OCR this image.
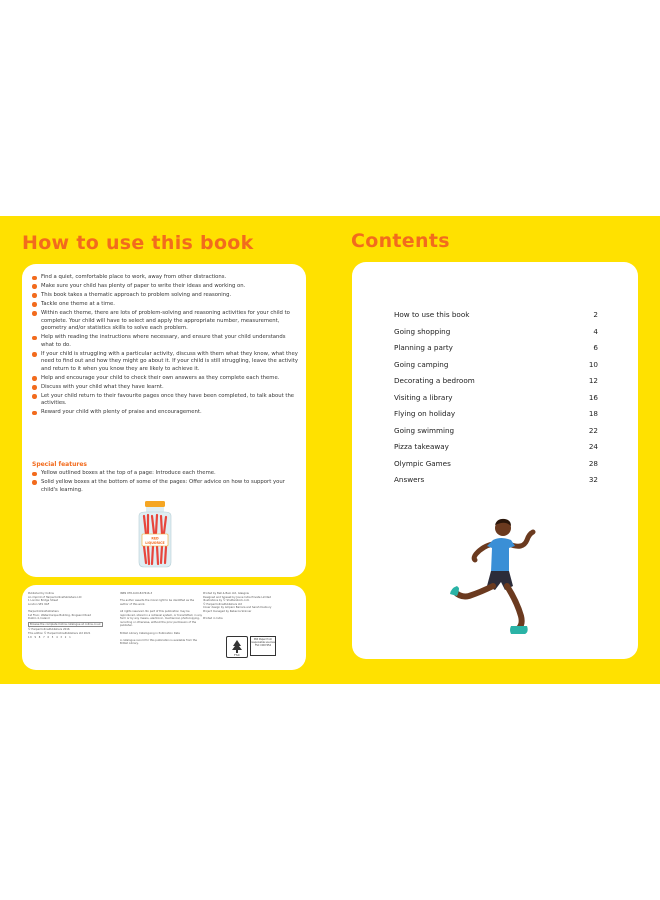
How to use this book
Find a quiet, comfortable place to work, away from other distractions.
Make sure your child has plenty of paper to write their ideas and working on.
This book takes a thematic approach to problem solving and reasoning.
Tackle one theme at a time.
Within each theme, there are lots of problem-solving and reasoning activities for your child to complete. Your child will have to select and apply the appropriate number, measurement, geometry and/or statistics skills to solve each problem.
Help with reading the instructions where necessary, and ensure that your child understands what to do.
If your child is struggling with a particular activity, discuss with them what they know, what they need to find out and how they might go about it. If your child is still struggling, leave the activity and return to it when you know they are likely to achieve it.
Help and encourage your child to check their own answers as they complete each theme.
Discuss with your child what they have learnt.
Let your child return to their favourite pages once they have been completed, to talk about the activities.
Reward your child with plenty of praise and encouragement.
Special features
Yellow outlined boxes at the top of a page: Introduce each theme.
Solid yellow boxes at the bottom of some of the pages: Offer advice on how to support your child's learning.
RED
LIQUORICE
Published by Collins
An imprint of HarperCollinsPublishers Ltd
1 London Bridge Street
London SE1 9GF

HarperCollinsPublishers
1st Floor, Watermarque Building, Ringsend Road
Dublin 4, Ireland
Browse the complete Collins catalogue at collins.co.uk
© HarperCollinsPublishers 2016
This edition © HarperCollinsPublishers Ltd 2021
10 9 8 7 6 5 4 3 2 1
ISBN 978-0-00-827616-3

The author asserts the moral right to be identified as the
author of this work.

All rights reserved. No part of this publication may be
reproduced, stored in a retrieval system, or transmitted, in any
form or by any means, electronic, mechanical, photocopying,
recording or otherwise, without the prior permission of the
publisher.

British Library Cataloguing in Publication Data

A catalogue record for this publication is available from the
British Library.
Printed by Bell & Bain Ltd, Glasgow
Designed and typeset by Jouve India Private Limited
Illustrations by © Shutterstock.com
© HarperCollinsPublishers Ltd
Cover design by Amparo Barrera and Sarah Duxbury
Project managed by Rebecca Skinner

Printed in India
FSC
MIX Paper from responsible sources FSC C007454
Contents
How to use this book	2
Going shopping	4
Planning a party	6
Going camping	10
Decorating a bedroom	12
Visiting a library	16
Flying on holiday	18
Going swimming	22
Pizza takeaway	24
Olympic Games	28
Answers	32
